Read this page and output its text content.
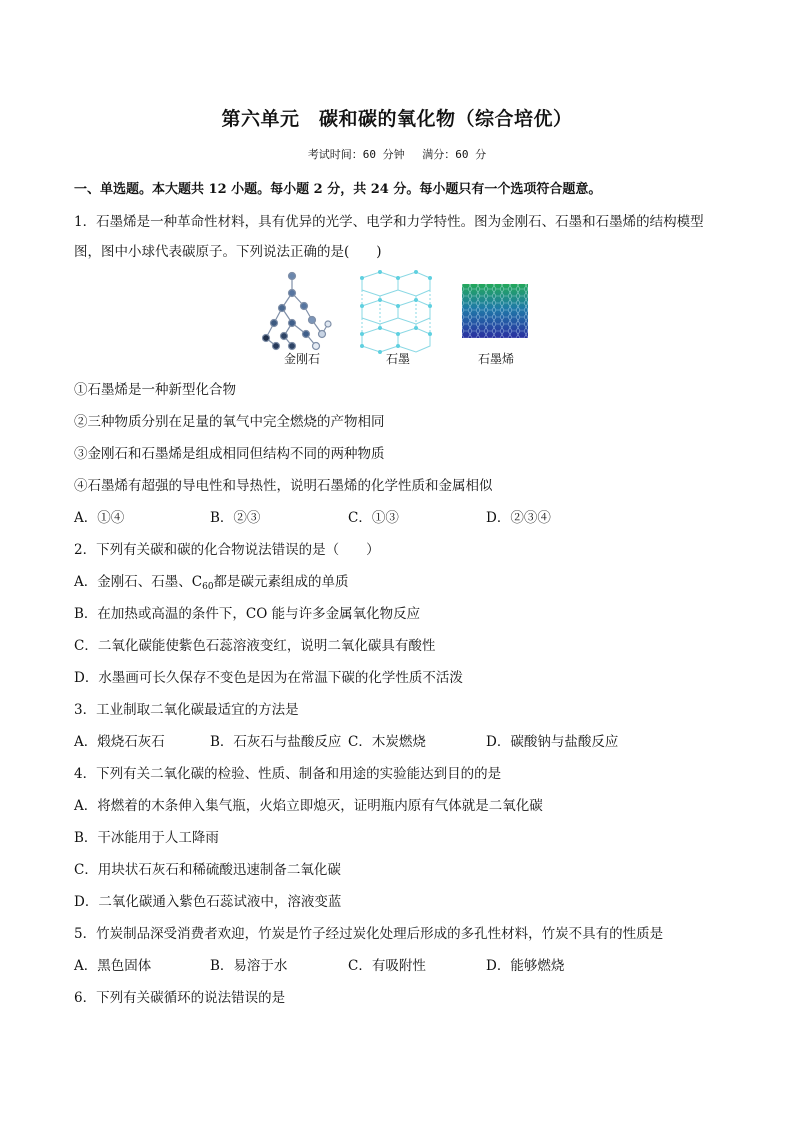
第六单元　碳和碳的氧化物（综合培优）
考试时间：60 分钟　 满分：60 分
一、单选题。本大题共 12 小题。每小题 2 分，共 24 分。每小题只有一个选项符合题意。
1．石墨烯是一种革命性材料，具有优异的光学、电学和力学特性。图为金刚石、石墨和石墨烯的结构模型
图，图中小球代表碳原子。下列说法正确的是(　　)
金刚石	石墨	石墨烯
①石墨烯是一种新型化合物
②三种物质分别在足量的氧气中完全燃烧的产物相同
③金刚石和石墨烯是组成相同但结构不同的两种物质
④石墨烯有超强的导电性和导热性，说明石墨烯的化学性质和金属相似
A．①④	B．②③	C．①③	D．②③④
2．下列有关碳和碳的化合物说法错误的是（　　）
A．金刚石、石墨、$C_{60}$都是碳元素组成的单质
B．在加热或高温的条件下，CO 能与许多金属氧化物反应
C．二氧化碳能使紫色石蕊溶液变红，说明二氧化碳具有酸性
D．水墨画可长久保存不变色是因为在常温下碳的化学性质不活泼
3．工业制取二氧化碳最适宜的方法是
A．煅烧石灰石	B．石灰石与盐酸反应 C．木炭燃烧	D．碳酸钠与盐酸反应
4．下列有关二氧化碳的检验、性质、制备和用途的实验能达到目的的是
A．将燃着的木条伸入集气瓶，火焰立即熄灭，证明瓶内原有气体就是二氧化碳
B．干冰能用于人工降雨
C．用块状石灰石和稀硫酸迅速制备二氧化碳
D．二氧化碳通入紫色石蕊试液中，溶液变蓝
5．竹炭制品深受消费者欢迎，竹炭是竹子经过炭化处理后形成的多孔性材料，竹炭不具有的性质是
A．黑色固体	B．易溶于水	C．有吸附性	D．能够燃烧
6．下列有关碳循环的说法错误的是
